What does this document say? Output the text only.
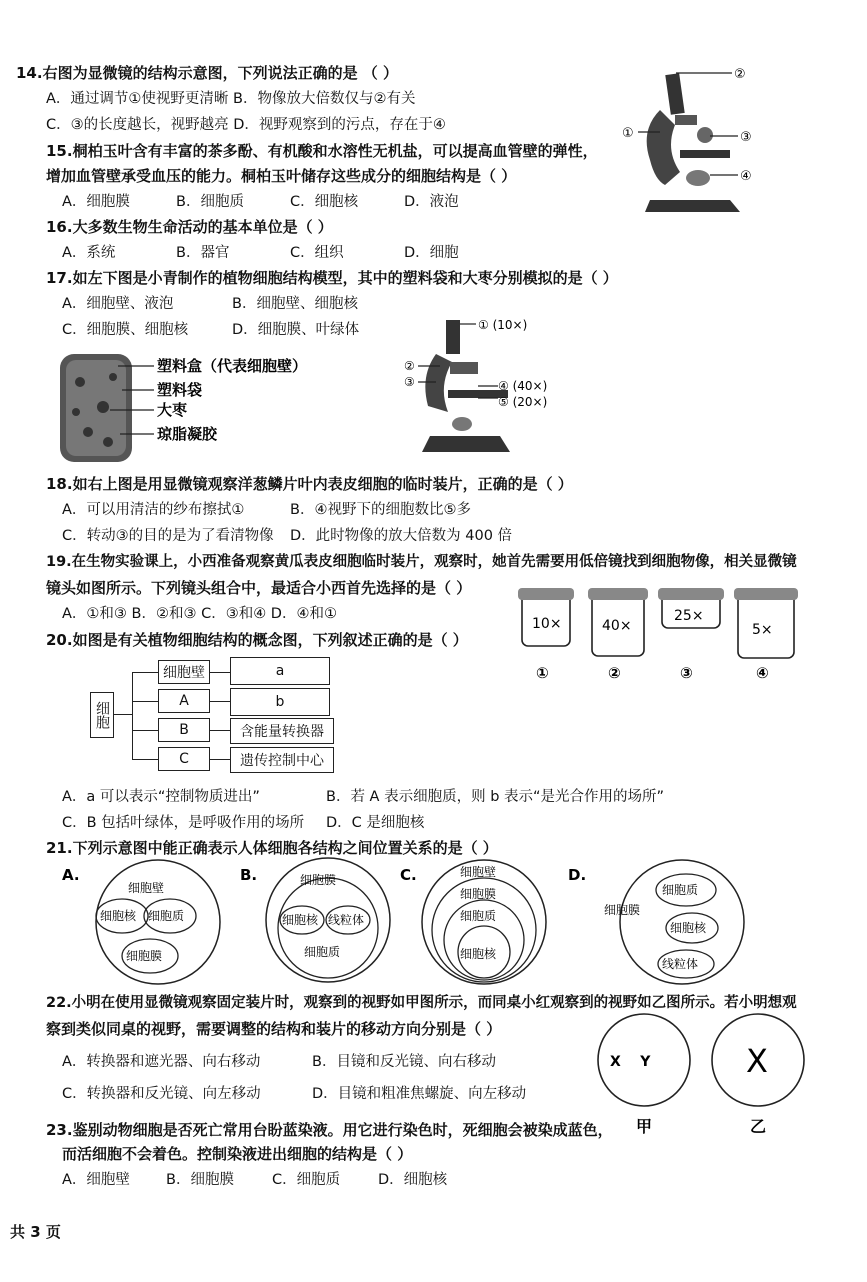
14.右图为显微镜的结构示意图，下列说法正确的是 （ ）
A．通过调节①使视野更清晰 B．物像放大倍数仅与②有关
C．③的长度越长，视野越亮 D．视野观察到的污点，存在于④
①
②
③
④
15.桐柏玉叶含有丰富的茶多酚、有机酸和水溶性无机盐，可以提高血管壁的弹性，
增加血管壁承受血压的能力。桐柏玉叶储存这些成分的细胞结构是（ ）
A．细胞膜	B．细胞质	C．细胞核	D．液泡
16.大多数生物生命活动的基本单位是（ ）
A．系统	B．器官	C．组织	D．细胞
17.如左下图是小青制作的植物细胞结构模型，其中的塑料袋和大枣分别模拟的是（ ）
A．细胞壁、液泡	B．细胞壁、细胞核
C．细胞膜、细胞核	D．细胞膜、叶绿体
塑料盒（代表细胞壁）
塑料袋
大枣
琼脂凝胶
① (10×)
②
③	④ (40×)
⑤ (20×)
18.如右上图是用显微镜观察洋葱鳞片叶内表皮细胞的临时装片，正确的是（ ）
A．可以用清洁的纱布擦拭①	B．④视野下的细胞数比⑤多
C．转动③的目的是为了看清物像 D．此时物像的放大倍数为 400 倍
19.在生物实验课上，小西准备观察黄瓜表皮细胞临时装片，观察时，她首先需要用低倍镜找到细胞物像，相关显微镜
镜头如图所示。下列镜头组合中，最适合小西首先选择的是（ ）
A．①和③ B．②和③ C．③和④ D．④和①
10×
①
40×
②
25×
③
5×
④
20.如图是有关植物细胞结构的概念图，下列叙述正确的是（ ）
细胞
细胞壁
A
B
C
a
b
含能量转换器
遗传控制中心
A．a 可以表示“控制物质进出”	B．若 A 表示细胞质，则 b 表示“是光合作用的场所”
C．B 包括叶绿体，是呼吸作用的场所 D．C 是细胞核
21.下列示意图中能正确表示人体细胞各结构之间位置关系的是（ ）
A.
细胞壁
细胞核 细胞质
细胞膜
B.	细胞膜
细胞核 线粒体
细胞质
C.	细胞壁
细胞膜
细胞质
细胞核
D.
细胞质
细胞膜
细胞核
线粒体
22.小明在使用显微镜观察固定装片时，观察到的视野如甲图所示，而同桌小红观察到的视野如乙图所示。若小明想观
察到类似同桌的视野，需要调整的结构和装片的移动方向分别是（ ）
A．转换器和遮光器、向右移动	B．目镜和反光镜、向右移动
C．转换器和反光镜、向左移动	D．目镜和粗准焦螺旋、向左移动
X    Y	X
甲	乙
23.鉴别动物细胞是否死亡常用台盼蓝染液。用它进行染色时，死细胞会被染成蓝色，
而活细胞不会着色。控制染液进出细胞的结构是（ ）
A．细胞壁 B．细胞膜	C．细胞质	D．细胞核
共 3 页
